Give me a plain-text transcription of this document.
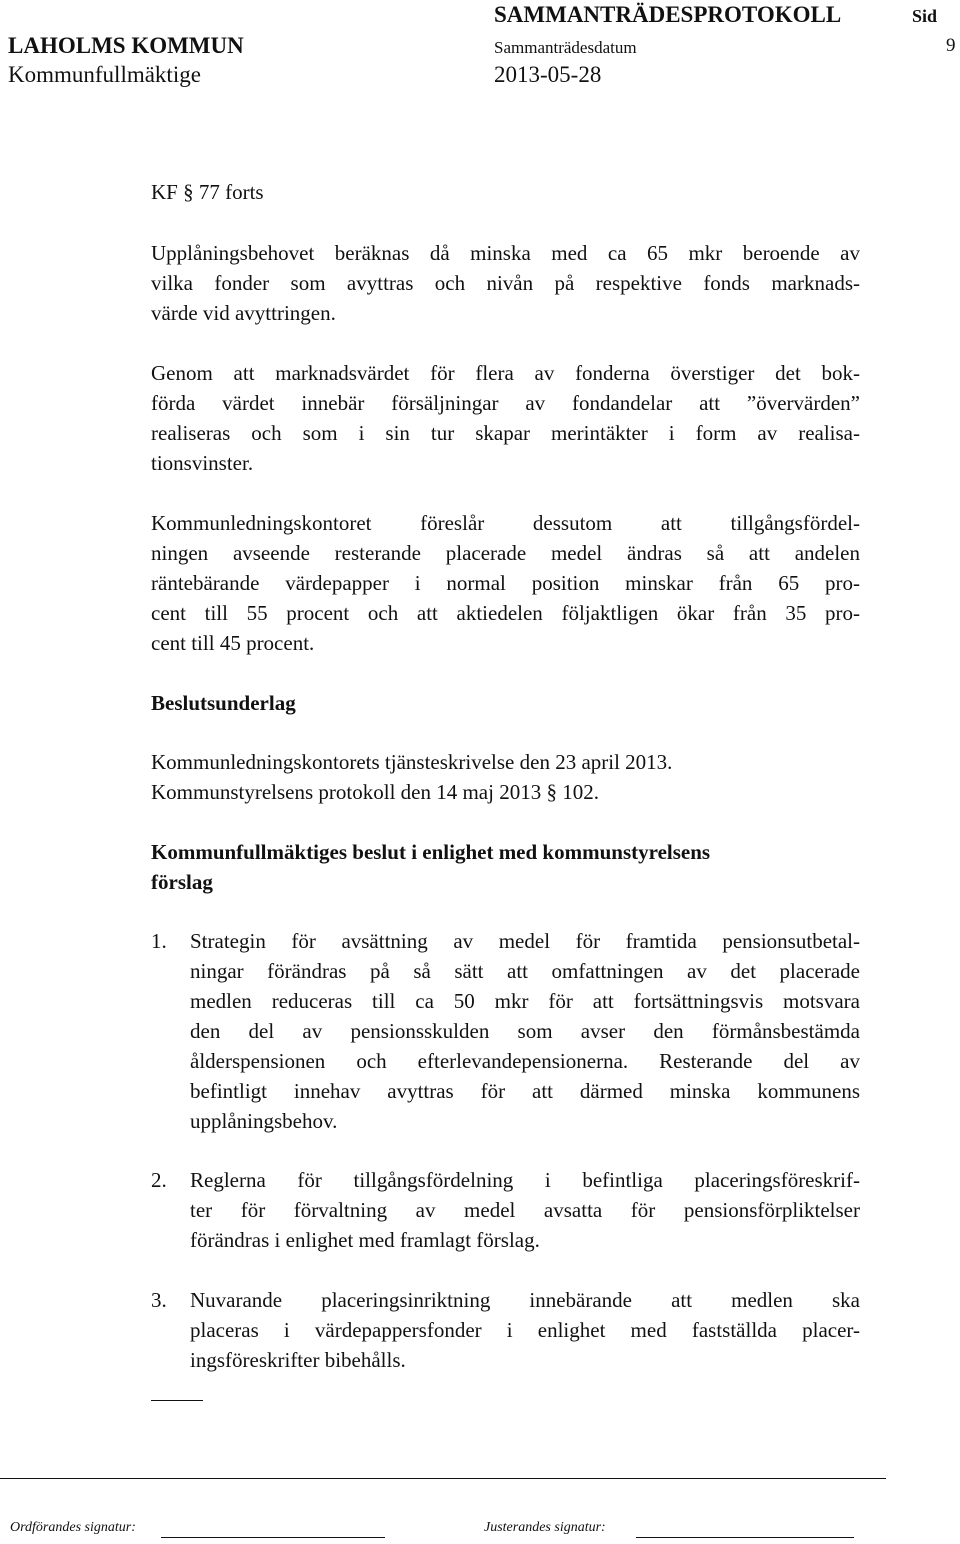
SAMMANTRÄDESPROTOKOLL	Sid
LAHOLMS KOMMUN	Sammanträdesdatum	9
Kommunfullmäktige	2013-05-28
KF § 77 forts
Upplåningsbehovet beräknas då minska med ca 65 mkr beroende av
vilka fonder som avyttras och nivån på respektive fonds marknads-
värde vid avyttringen.
Genom att marknadsvärdet för flera av fonderna överstiger det bok-
förda värdet innebär försäljningar av fondandelar att ”övervärden”
realiseras och som i sin tur skapar merintäkter i form av realisa-
tionsvinster.
Kommunledningskontoret föreslår dessutom att tillgångsfördel-
ningen avseende resterande placerade medel ändras så att andelen
räntebärande värdepapper i normal position minskar från 65 pro-
cent till 55 procent och att aktiedelen följaktligen ökar från 35 pro-
cent till 45 procent.
Beslutsunderlag
Kommunledningskontorets tjänsteskrivelse den 23 april 2013.
Kommunstyrelsens protokoll den 14 maj 2013 § 102.
Kommunfullmäktiges beslut i enlighet med kommunstyrelsens
förslag
1. Strategin för avsättning av medel för framtida pensionsutbetal-
ningar förändras på så sätt att omfattningen av det placerade
medlen reduceras till ca 50 mkr för att fortsättningsvis motsvara
den del av pensionsskulden som avser den förmånsbestämda
ålderspensionen och efterlevandepensionerna. Resterande del av
befintligt innehav avyttras för att därmed minska kommunens
upplåningsbehov.
2. Reglerna för tillgångsfördelning i befintliga placeringsföreskrif-
ter för förvaltning av medel avsatta för pensionsförpliktelser
förändras i enlighet med framlagt förslag.
3. Nuvarande placeringsinriktning innebärande att medlen ska
placeras i värdepappersfonder i enlighet med fastställda placer-
ingsföreskrifter bibehålls.
Ordförandes signatur:	Justerandes signatur:
